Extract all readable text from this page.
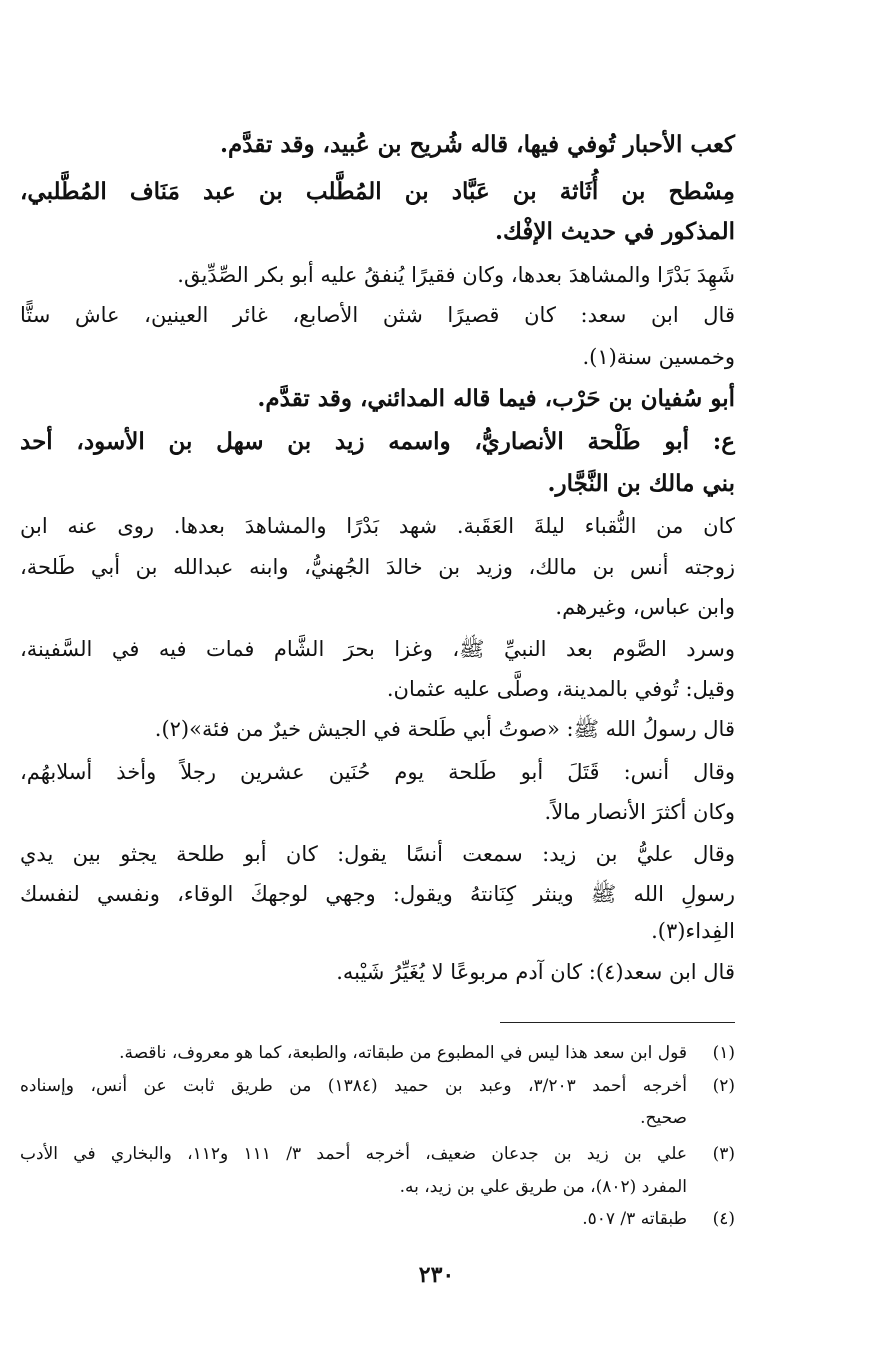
كعب الأحبار تُوفي فيها، قاله شُريح بن عُبيد، وقد تقدَّم.
مِسْطح بن أُثَاثة بن عَبَّاد بن المُطَّلب بن عبد مَنَاف المُطَّلبي،
المذكور في حديث الإفْك.
شَهِدَ بَدْرًا والمشاهدَ بعدها، وكان فقيرًا يُنفقُ عليه أبو بكر الصِّدِّيق.
قال ابن سعد: كان قصيرًا شثن الأصابع، غائر العينين، عاش ستًّا
وخمسين سنة(١).
أبو سُفيان بن حَرْب، فيما قاله المدائني، وقد تقدَّم.
ع: أبو طَلْحة الأنصاريُّ، واسمه زيد بن سهل بن الأسود، أحد
بني مالك بن النَّجَّار.
كان من النُّقباء ليلةَ العَقَبة. شهد بَدْرًا والمشاهدَ بعدها. روى عنه ابن
زوجته أنس بن مالك، وزيد بن خالدَ الجُهنيُّ، وابنه عبدالله بن أبي طَلحة،
وابن عباس، وغيرهم.
وسرد الصَّوم بعد النبيِّ ﷺ، وغزا بحرَ الشَّام فمات فيه في السَّفينة،
وقيل: تُوفي بالمدينة، وصلَّى عليه عثمان.
قال رسولُ الله ﷺ: «صوتُ أبي طَلحة في الجيش خيرٌ من فئة»(٢).
وقال أنس: قَتَلَ أبو طَلحة يوم حُنَين عشرين رجلاً وأخذ أسلابهُم،
وكان أكثرَ الأنصار مالاً.
وقال عليُّ بن زيد: سمعت أنسًا يقول: كان أبو طلحة يجثو بين يدي
رسولِ الله ﷺ وينثر كِنَانتهُ ويقول: وجهي لوجهكَ الوقاء، ونفسي لنفسك
الفِداء(٣).
قال ابن سعد(٤): كان آدم مربوعًا لا يُغَيِّرُ شَيْبه.
(١)
قول ابن سعد هذا ليس في المطبوع من طبقاته، والطبعة، كما هو معروف، ناقصة.
(٢)
أخرجه أحمد ٣/٢٠٣، وعبد بن حميد (١٣٨٤) من طريق ثابت عن أنس، وإسناده
صحيح.
(٣)
علي بن زيد بن جدعان ضعيف، أخرجه أحمد ٣/ ١١١ و١١٢، والبخاري في الأدب
المفرد (٨٠٢)، من طريق علي بن زيد، به.
(٤)
طبقاته ٣/ ٥٠٧.
٢٣٠
